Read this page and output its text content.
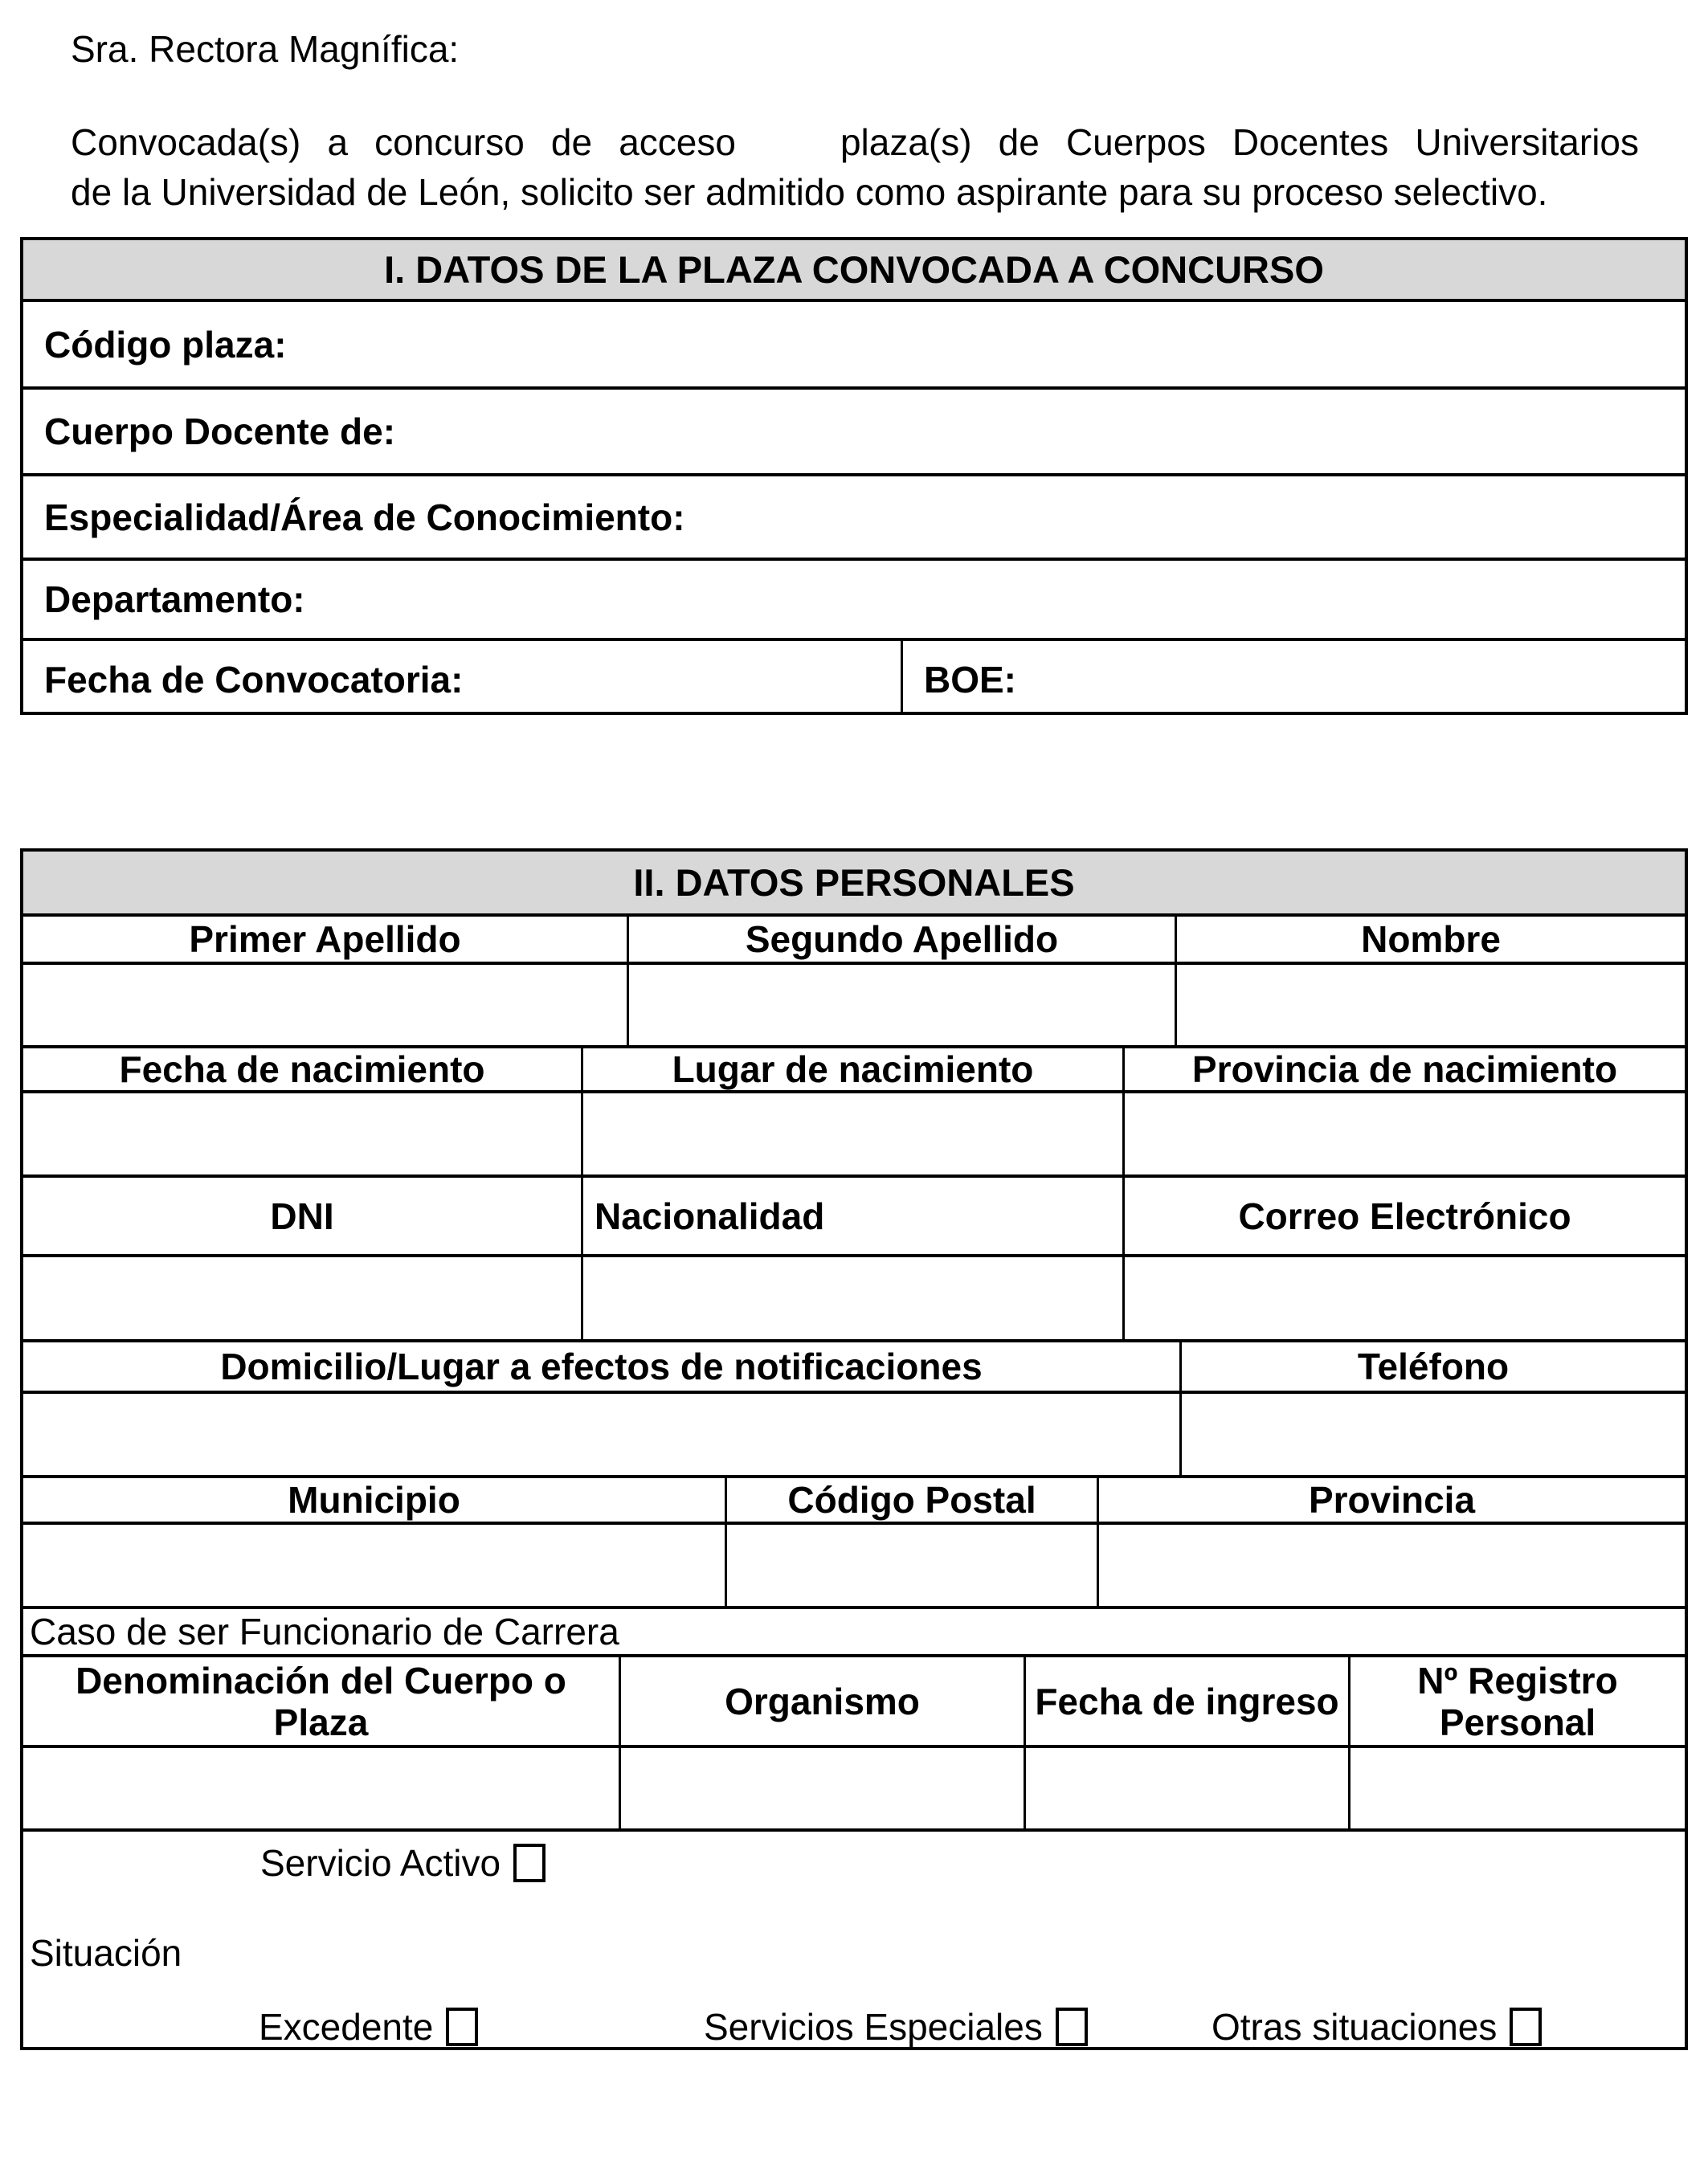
Sra. Rectora Magnífica:
Convocada(s) a concurso de acceso	plaza(s) de Cuerpos Docentes Universitarios
de la Universidad de León, solicito ser admitido como aspirante para su proceso selectivo.
I. DATOS DE LA PLAZA CONVOCADA A CONCURSO
Código plaza:
Cuerpo Docente de:
Especialidad/Área de Conocimiento:
Departamento:
Fecha de Convocatoria:	BOE:
II. DATOS PERSONALES
Primer Apellido	Segundo Apellido	Nombre
Fecha de nacimiento	Lugar de nacimiento	Provincia de nacimiento
DNI	Nacionalidad	Correo Electrónico
Domicilio/Lugar a efectos de notificaciones	Teléfono
Municipio	Código Postal	Provincia
Caso de ser Funcionario de Carrera
Denominación del Cuerpo o Plaza	Organismo	Fecha de ingreso	Nº Registro Personal
Servicio Activo
Situación
Excedente	Servicios Especiales	Otras situaciones
